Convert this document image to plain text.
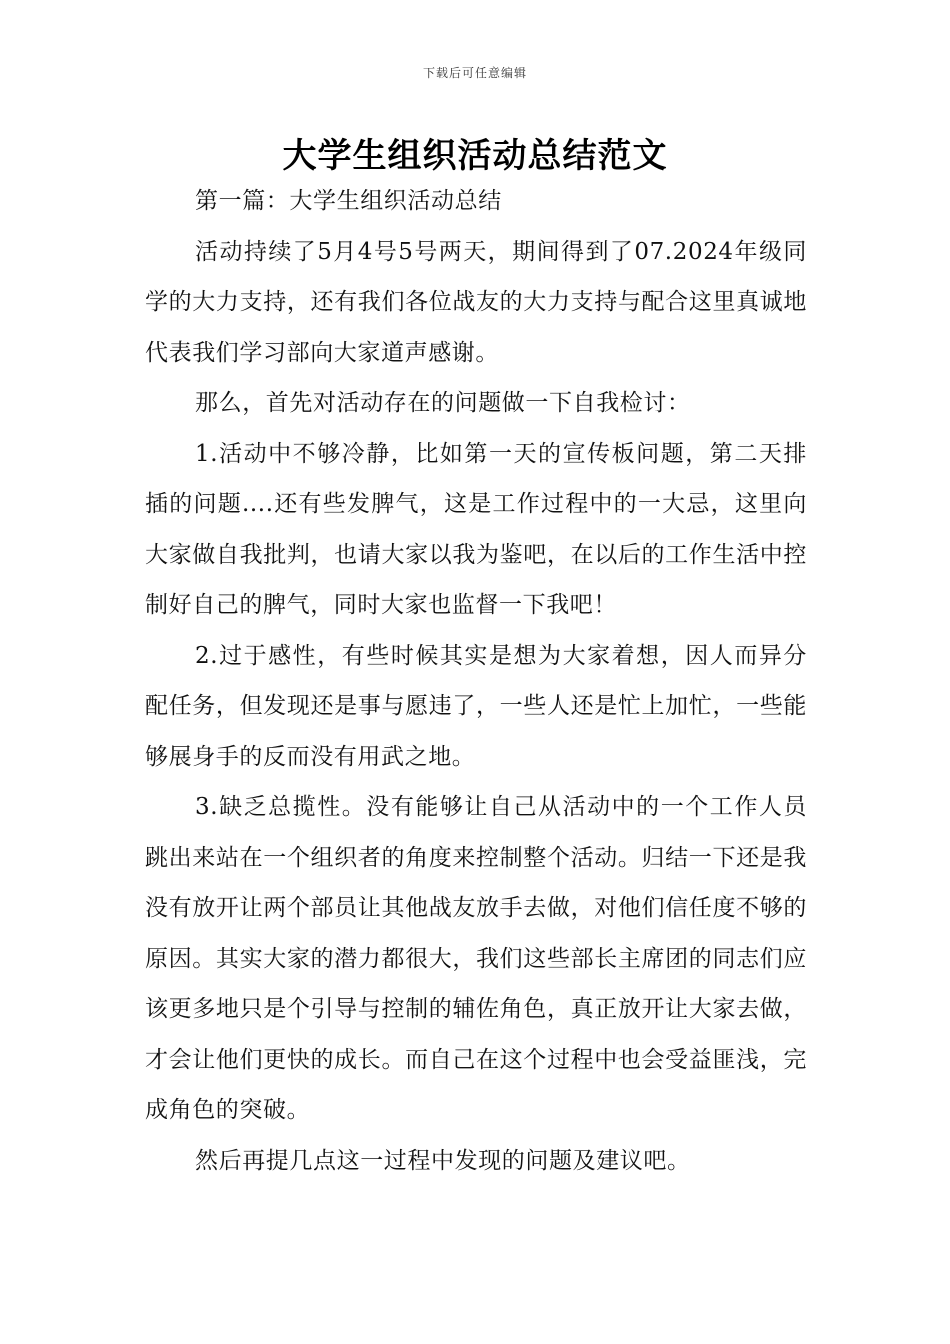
下载后可任意编辑
大学生组织活动总结范文

第一篇：大学生组织活动总结

活动持续了5月4号5号两天，期间得到了07.2024年级同学的大力支持，还有我们各位战友的大力支持与配合这里真诚地代表我们学习部向大家道声感谢。

那么，首先对活动存在的问题做一下自我检讨：

1.活动中不够冷静，比如第一天的宣传板问题，第二天排插的问题....还有些发脾气，这是工作过程中的一大忌，这里向大家做自我批判，也请大家以我为鉴吧，在以后的工作生活中控制好自己的脾气，同时大家也监督一下我吧！

2.过于感性，有些时候其实是想为大家着想，因人而异分配任务，但发现还是事与愿违了，一些人还是忙上加忙，一些能够展身手的反而没有用武之地。

3.缺乏总揽性。没有能够让自己从活动中的一个工作人员跳出来站在一个组织者的角度来控制整个活动。归结一下还是我没有放开让两个部员让其他战友放手去做，对他们信任度不够的原因。其实大家的潜力都很大，我们这些部长主席团的同志们应该更多地只是个引导与控制的辅佐角色，真正放开让大家去做，才会让他们更快的成长。而自己在这个过程中也会受益匪浅，完成角色的突破。

然后再提几点这一过程中发现的问题及建议吧。
